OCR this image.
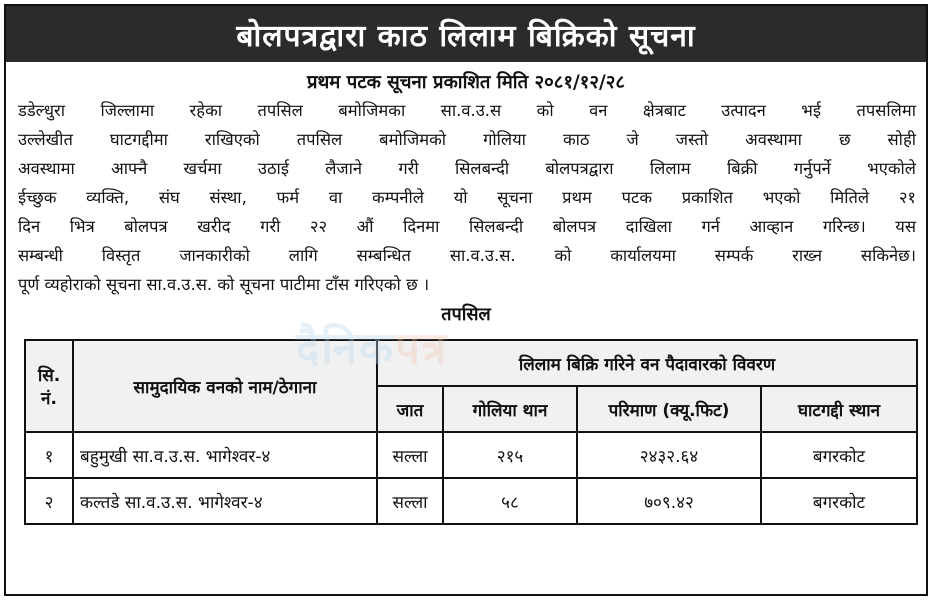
बोलपत्रद्वारा काठ लिलाम बिक्रिको सूचना
प्रथम पटक सूचना प्रकाशित मिति २०८१/१२/२८
डडेल्धुरा जिल्लामा रहेका तपसिल बमोजिमका सा.व.उ.स को वन क्षेत्रबाट उत्पादन भई तपसलिमा
उल्लेखीत घाटगद्दीमा राखिएको तपसिल बमोजिमको गोलिया काठ जे जस्तो अवस्थामा छ सोही
अवस्थामा आफ्नै खर्चमा उठाई लैजाने गरी सिलबन्दी बोलपत्रद्वारा लिलाम बिक्री गर्नुपर्ने भएकोले
ईच्छुक व्यक्ति, संघ संस्था, फर्म वा कम्पनीले यो सूचना प्रथम पटक प्रकाशित भएको मितिले २१
दिन भित्र बोलपत्र खरीद गरी २२ औं दिनमा सिलबन्दी बोलपत्र दाखिला गर्न आव्हान गरिन्छ। यस
सम्बन्धी विस्तृत जानकारीको लागि सम्बन्धित सा.व.उ.स. को कार्यालयमा सम्पर्क राख्न सकिनेछ।
पूर्ण व्यहोराको सूचना सा.व.उ.स. को सूचना पाटीमा टाँस गरिएको छ ।
दैनिकपत्र
तपसिल
सि. नं.	सामुदायिक वनको नाम/ठेगाना	लिलाम बिक्रि गरिने वन पैदावारको विवरण			
		जात	गोलिया थान	परिमाण (क्यू.फिट)	घाटगद्दी स्थान
१	बहुमुखी सा.व.उ.स. भागेश्वर-४	सल्ला	२१५	२४३२.६४	बगरकोट
२	कल्तडे सा.व.उ.स. भागेश्वर-४	सल्ला	५८	७०९.४२	बगरकोट
